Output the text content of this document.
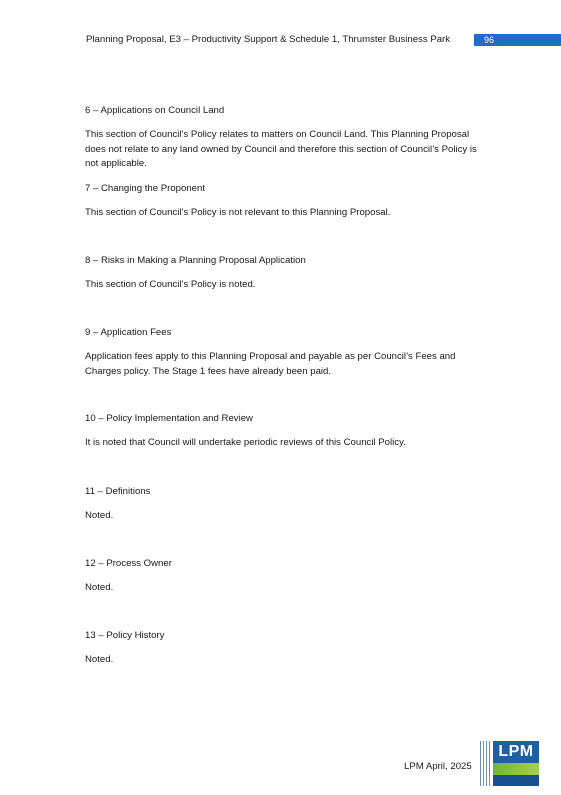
Planning Proposal, E3 – Productivity Support & Schedule 1, Thrumster Business Park	96

6 – Applications on Council Land

This section of Council’s Policy relates to matters on Council Land. This Planning Proposal does not relate to any land owned by Council and therefore this section of Council’s Policy is not applicable.

7 – Changing the Proponent

This section of Council’s Policy is not relevant to this Planning Proposal.

8 – Risks in Making a Planning Proposal Application

This section of Council’s Policy is noted.

9 – Application Fees

Application fees apply to this Planning Proposal and payable as per Council’s Fees and Charges policy. The Stage 1 fees have already been paid.

10 – Policy Implementation and Review

It is noted that Council will undertake periodic reviews of this Council Policy.

11 – Definitions

Noted.

12 – Process Owner

Noted.

13 – Policy History

Noted.

LPM April, 2025
LPM
